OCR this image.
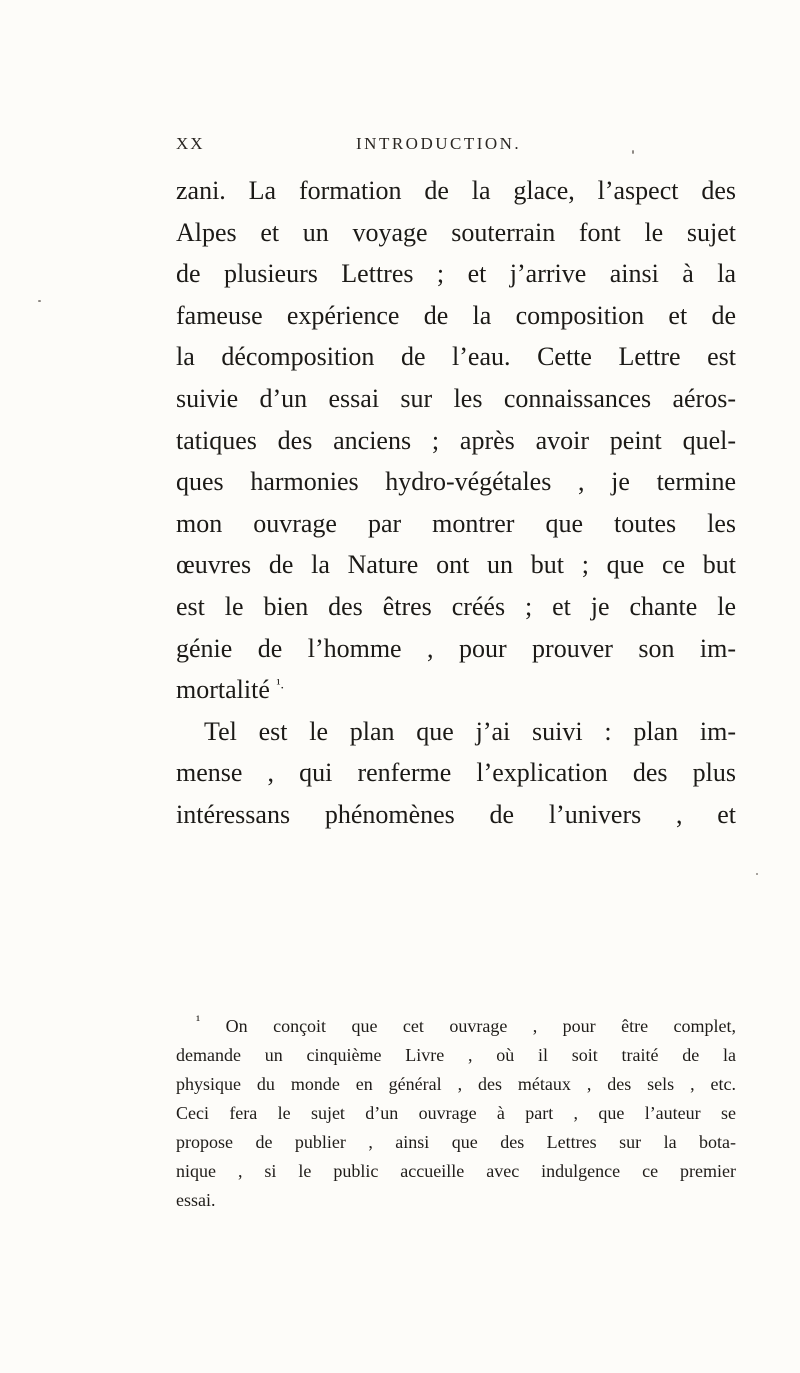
XX	INTRODUCTION.
zani. La formation de la glace, l’aspect des
Alpes et un voyage souterrain font le sujet
de plusieurs Lettres ; et j’arrive ainsi à la
fameuse expérience de la composition et de
la décomposition de l’eau. Cette Lettre est
suivie d’un essai sur les connaissances aéros-
tatiques des anciens ; après avoir peint quel-
ques harmonies hydro-végétales , je termine
mon ouvrage par montrer que toutes les
œuvres de la Nature ont un but ; que ce but
est le bien des êtres créés ; et je chante le
génie de l’homme , pour prouver son im-
mortalité $^{^1.}$
Tel est le plan que j’ai suivi : plan im-
mense , qui renferme l’explication des plus
intéressans phénomènes de l’univers , et
$^{^1}$ On conçoit que cet ouvrage , pour être complet,
demande un cinquième Livre , où il soit traité de la
physique du monde en général , des métaux , des sels , etc.
Ceci fera le sujet d’un ouvrage à part , que l’auteur se
propose de publier , ainsi que des Lettres sur la bota-
nique , si le public accueille avec indulgence ce premier
essai.
